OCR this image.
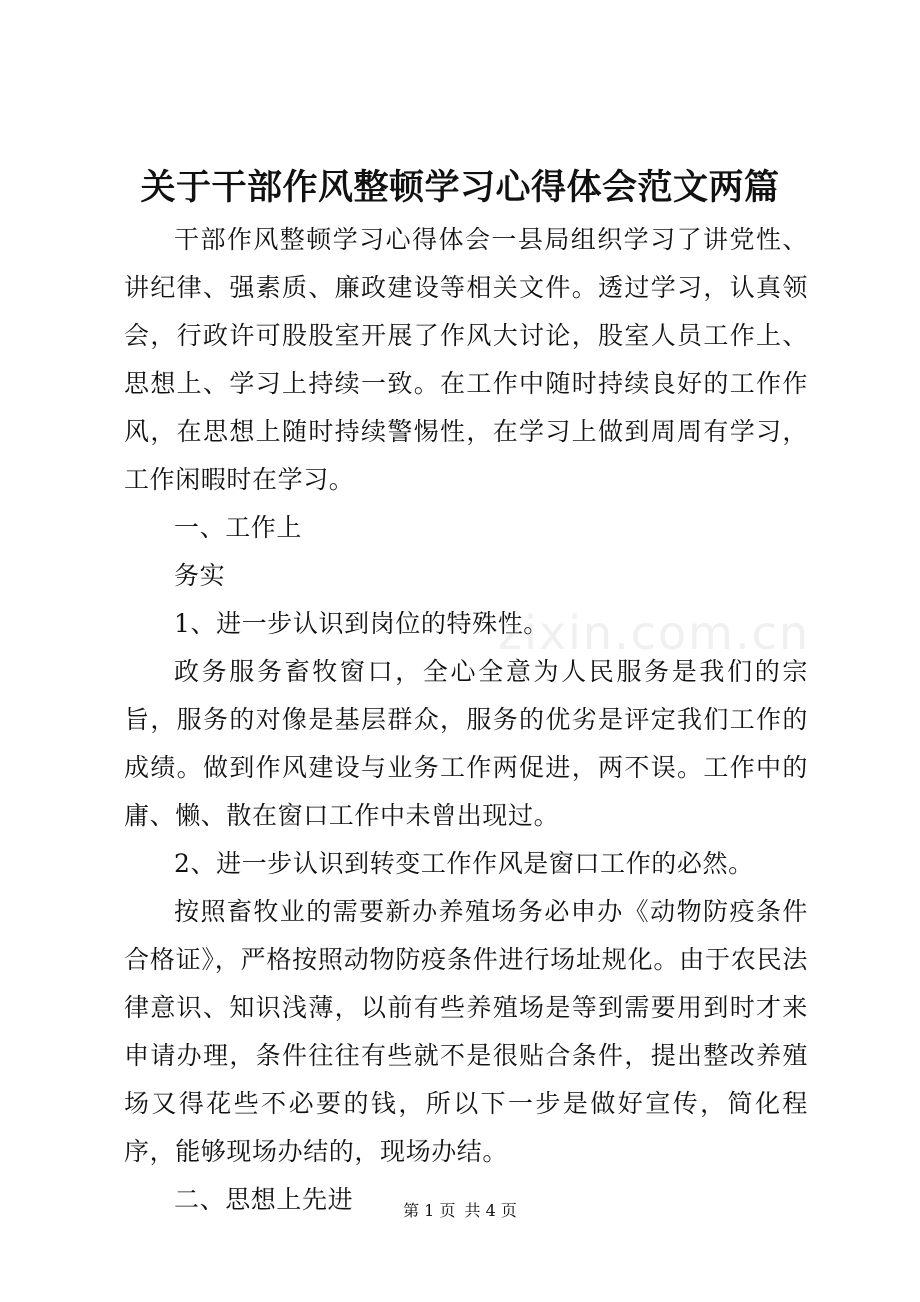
关于干部作风整顿学习心得体会范文两篇

干部作风整顿学习心得体会一县局组织学习了讲党性、讲纪律、强素质、廉政建设等相关文件。透过学习，认真领会，行政许可股股室开展了作风大讨论，股室人员工作上、思想上、学习上持续一致。在工作中随时持续良好的工作作风，在思想上随时持续警惕性，在学习上做到周周有学习，工作闲暇时在学习。

一、工作上

务实

1、进一步认识到岗位的特殊性。

政务服务畜牧窗口，全心全意为人民服务是我们的宗旨，服务的对像是基层群众，服务的优劣是评定我们工作的成绩。做到作风建设与业务工作两促进，两不误。工作中的庸、懒、散在窗口工作中未曾出现过。

2、进一步认识到转变工作作风是窗口工作的必然。

按照畜牧业的需要新办养殖场务必申办《动物防疫条件合格证》，严格按照动物防疫条件进行场址规化。由于农民法律意识、知识浅薄，以前有些养殖场是等到需要用到时才来申请办理，条件往往有些就不是很贴合条件，提出整改养殖场又得花些不必要的钱，所以下一步是做好宣传，简化程序，能够现场办结的，现场办结。

二、思想上先进

zixin.com.cn
第 1 页 共 4 页
